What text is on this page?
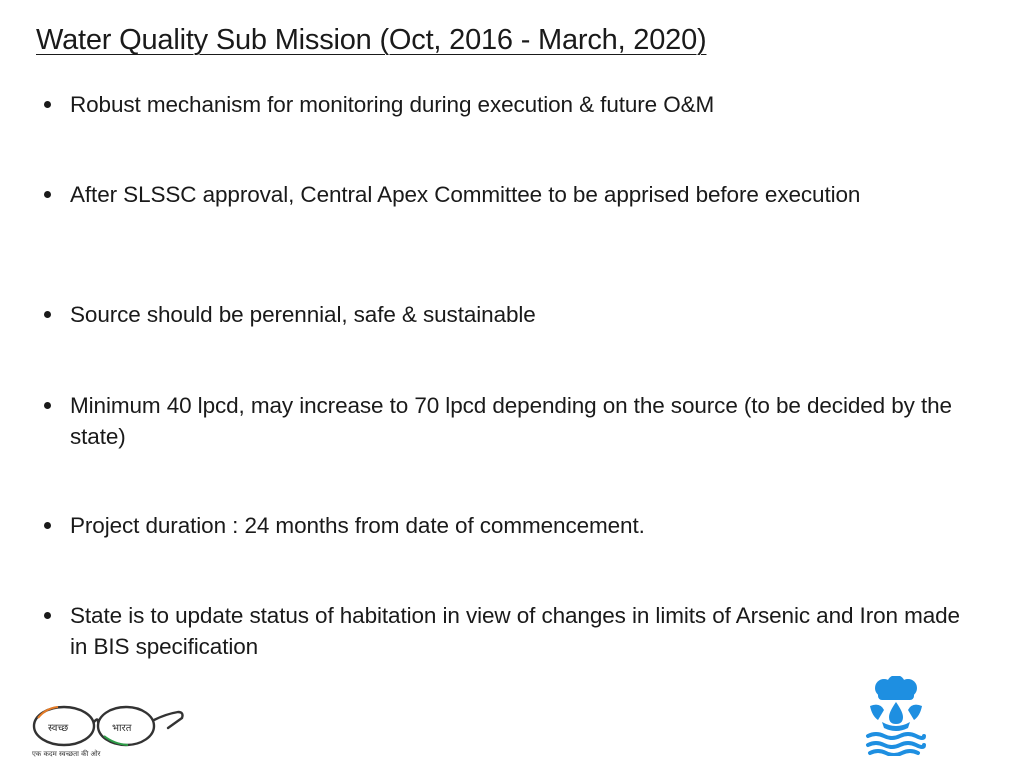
Water Quality Sub Mission (Oct, 2016 - March, 2020)
Robust mechanism for monitoring during execution & future O&M
After SLSSC approval, Central Apex Committee to be apprised before execution
Source should be perennial, safe & sustainable
Minimum 40 lpcd, may increase to 70 lpcd depending on the source (to be decided by the state)
Project duration : 24 months from date of commencement.
State is to update status of habitation in view of changes in limits of Arsenic and Iron made in BIS specification
स्वच्छ	भारत
एक कदम स्वच्छता की ओर
